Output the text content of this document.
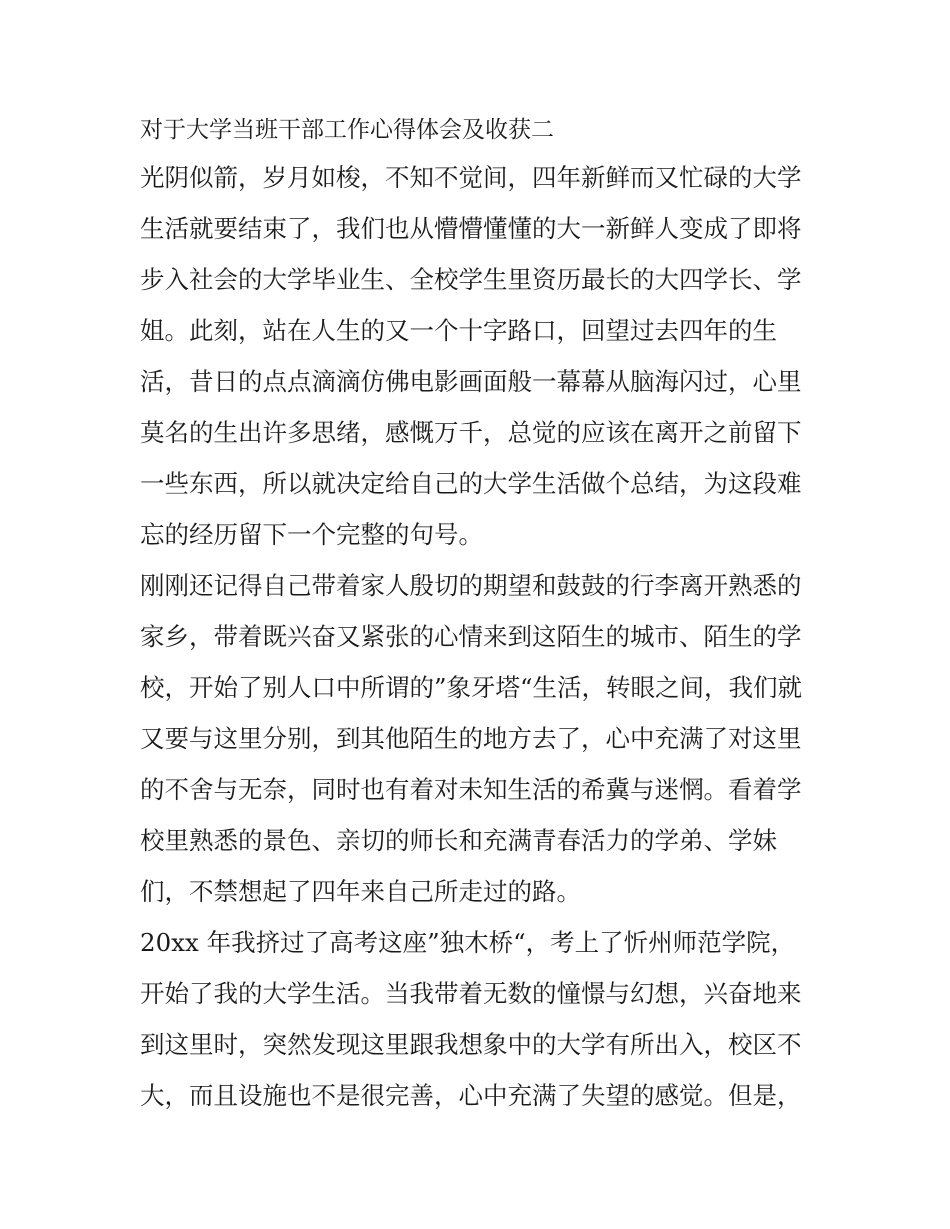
对于大学当班干部工作心得体会及收获二

光阴似箭，岁月如梭，不知不觉间，四年新鲜而又忙碌的大学
生活就要结束了，我们也从懵懵懂懂的大一新鲜人变成了即将
步入社会的大学毕业生、全校学生里资历最长的大四学长、学
姐。此刻，站在人生的又一个十字路口，回望过去四年的生
活，昔日的点点滴滴仿佛电影画面般一幕幕从脑海闪过，心里
莫名的生出许多思绪，感慨万千，总觉的应该在离开之前留下
一些东西，所以就决定给自己的大学生活做个总结，为这段难
忘的经历留下一个完整的句号。

刚刚还记得自己带着家人殷切的期望和鼓鼓的行李离开熟悉的
家乡，带着既兴奋又紧张的心情来到这陌生的城市、陌生的学
校，开始了别人口中所谓的”象牙塔“生活，转眼之间，我们就
又要与这里分别，到其他陌生的地方去了，心中充满了对这里
的不舍与无奈，同时也有着对未知生活的希冀与迷惘。看着学
校里熟悉的景色、亲切的师长和充满青春活力的学弟、学妹
们，不禁想起了四年来自己所走过的路。

20xx 年我挤过了高考这座”独木桥“，考上了忻州师范学院，
开始了我的大学生活。当我带着无数的憧憬与幻想，兴奋地来
到这里时，突然发现这里跟我想象中的大学有所出入，校区不
大，而且设施也不是很完善，心中充满了失望的感觉。但是，
